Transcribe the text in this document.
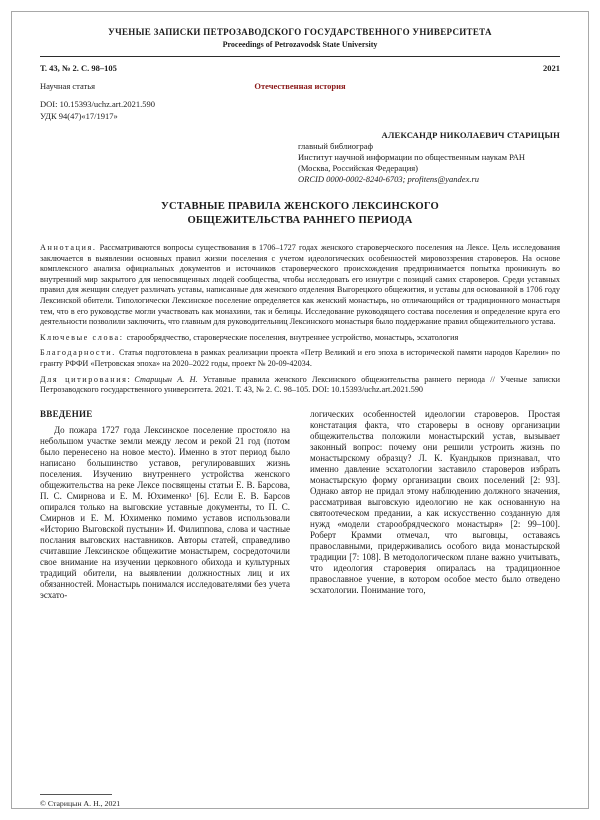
УЧЕНЫЕ ЗАПИСКИ ПЕТРОЗАВОДСКОГО ГОСУДАРСТВЕННОГО УНИВЕРСИТЕТА
Proceedings of Petrozavodsk State University
Т. 43, № 2. С. 98–105	2021
Научная статья	Отечественная история
DOI: 10.15393/uchz.art.2021.590
УДК 94(47)«17/1917»
АЛЕКСАНДР НИКОЛАЕВИЧ СТАРИЦЫН
главный библиограф
Институт научной информации по общественным наукам РАН
(Москва, Российская Федерация)
ORCID 0000-0002-8240-6703; profitens@yandex.ru
УСТАВНЫЕ ПРАВИЛА ЖЕНСКОГО ЛЕКСИНСКОГО
ОБЩЕЖИТЕЛЬСТВА РАННЕГО ПЕРИОДА

Аннотация. Рассматриваются вопросы существования в 1706–1727 годах женского староверческого поселения на Лексе. Цель исследования заключается в выявлении основных правил жизни поселения с учетом идеологических особенностей мировоззрения староверов. На основе комплексного анализа официальных документов и источников староверческого происхождения предпринимается попытка проникнуть во внутренний мир закрытого для непосвященных людей сообщества, чтобы исследовать его изнутри с позиций самих староверов. Среди уставных правил для женщин следует различать уставы, написанные для женского отделения Выгорецкого общежития, и уставы для основанной в 1706 году Лексинской обители. Типологически Лексинское поселение определяется как женский монастырь, но отличающийся от традиционного монастыря тем, что в его руководстве могли участвовать как монахини, так и белицы. Исследование руководящего состава поселения и определение круга его деятельности позволили заключить, что главным для руководительниц Лексинского монастыря было поддержание правил общежительного устава.

Ключевые слова: старообрядчество, староверческие поселения, внутреннее устройство, монастырь, эсхатология

Благодарности. Статья подготовлена в рамках реализации проекта «Петр Великий и его эпоха в исторической памяти народов Карелии» по гранту РФФИ «Петровская эпоха» на 2020–2022 годы, проект № 20-09-42034.

Для цитирования: Старицын А. Н. Уставные правила женского Лексинского общежительства раннего периода // Ученые записки Петрозаводского государственного университета. 2021. Т. 43, № 2. С. 98–105. DOI: 10.15393/uchz.art.2021.590

ВВЕДЕНИЕ

До пожара 1727 года Лексинское поселение простояло на небольшом участке земли между лесом и рекой 21 год (потом было перенесено на новое место). Именно в этот период было написано большинство уставов, регулировавших жизнь поселения. Изучению внутреннего устройства женского общежительства на реке Лексе посвящены статьи Е. В. Барсова, П. С. Смирнова и Е. М. Юхименко¹ [6]. Если Е. В. Барсов опирался только на выговские уставные документы, то П. С. Смирнов и Е. М. Юхименко помимо уставов использовали «Историю Выговской пустыни» И. Филиппова, слова и частные послания выговских наставников. Авторы статей, справедливо считавшие Лексинское общежитие монастырем, сосредоточили свое внимание на изучении церковного обихода и культурных традиций обители, на выявлении должностных лиц и их обязанностей. Монастырь понимался исследователями без учета эсхато-

логических особенностей идеологии староверов. Простая констатация факта, что староверы в основу организации общежительства положили монастырский устав, вызывает законный вопрос: почему они решили устроить жизнь по монастырскому образцу? Л. К. Куандыков признавал, что именно давление эсхатологии заставило староверов избрать монастырскую форму организации своих поселений [2: 93]. Однако автор не придал этому наблюдению должного значения, рассматривая выговскую идеологию не как основанную на святоотеческом предании, а как искусственно созданную для нужд «модели старообрядческого монастыря» [2: 99–100]. Роберт Крамми отмечал, что выговцы, оставаясь православными, придерживались особого вида монастырской традиции [7: 108]. В методологическом плане важно учитывать, что идеология староверия опиралась на традиционное православное учение, в котором особое место было отведено эсхатологии. Понимание того,

© Старицын А. Н., 2021
